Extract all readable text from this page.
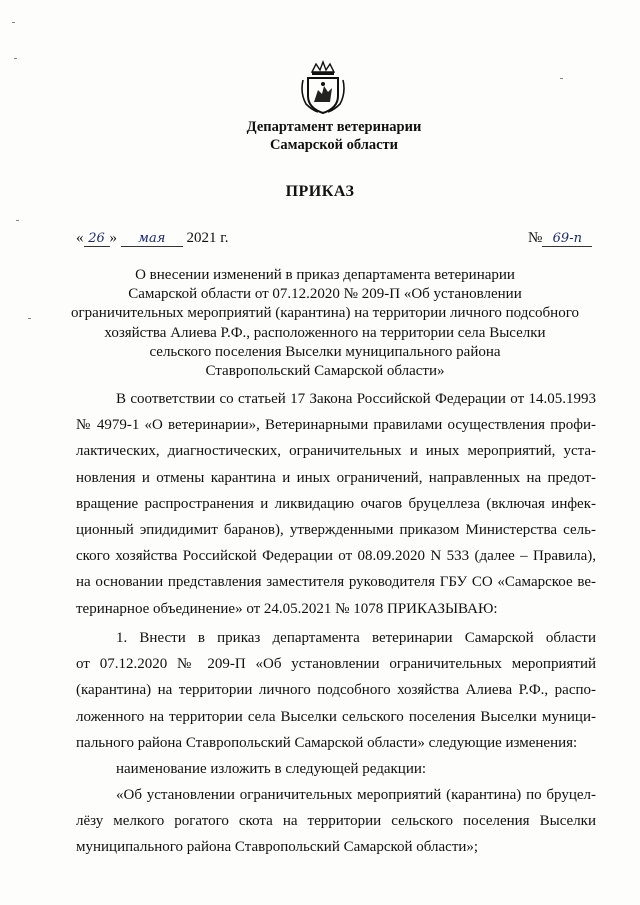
Департамент ветеринарии
Самарской области
ПРИКАЗ
« 26 » мая 2021 г.	№ 69-п
О внесении изменений в приказ департамента ветеринарии
Самарской области от 07.12.2020 № 209-П «Об установлении
ограничительных мероприятий (карантина) на территории личного подсобного
хозяйства Алиева Р.Ф., расположенного на территории села Выселки
сельского поселения Выселки муниципального района
Ставропольский Самарской области»
В соответствии со статьей 17 Закона Российской Федерации от 14.05.1993
№ 4979-1 «О ветеринарии», Ветеринарными правилами осуществления профи-
лактических, диагностических, ограничительных и иных мероприятий, уста-
новления и отмены карантина и иных ограничений, направленных на предот-
вращение распространения и ликвидацию очагов бруцеллеза (включая инфек-
ционный эпидидимит баранов), утвержденными приказом Министерства сель-
ского хозяйства Российской Федерации от 08.09.2020 N 533 (далее – Правила),
на основании представления заместителя руководителя ГБУ СО «Самарское ве-
теринарное объединение» от 24.05.2021 № 1078 ПРИКАЗЫВАЮ:
1. Внести в приказ департамента ветеринарии Самарской области
от 07.12.2020 № 209-П «Об установлении ограничительных мероприятий
(карантина) на территории личного подсобного хозяйства Алиева Р.Ф., распо-
ложенного на территории села Выселки сельского поселения Выселки муници-
пального района Ставропольский Самарской области» следующие изменения:
наименование изложить в следующей редакции:
«Об установлении ограничительных мероприятий (карантина) по бруцел-
лёзу мелкого рогатого скота на территории сельского поселения Выселки
муниципального района Ставропольский Самарской области»;
